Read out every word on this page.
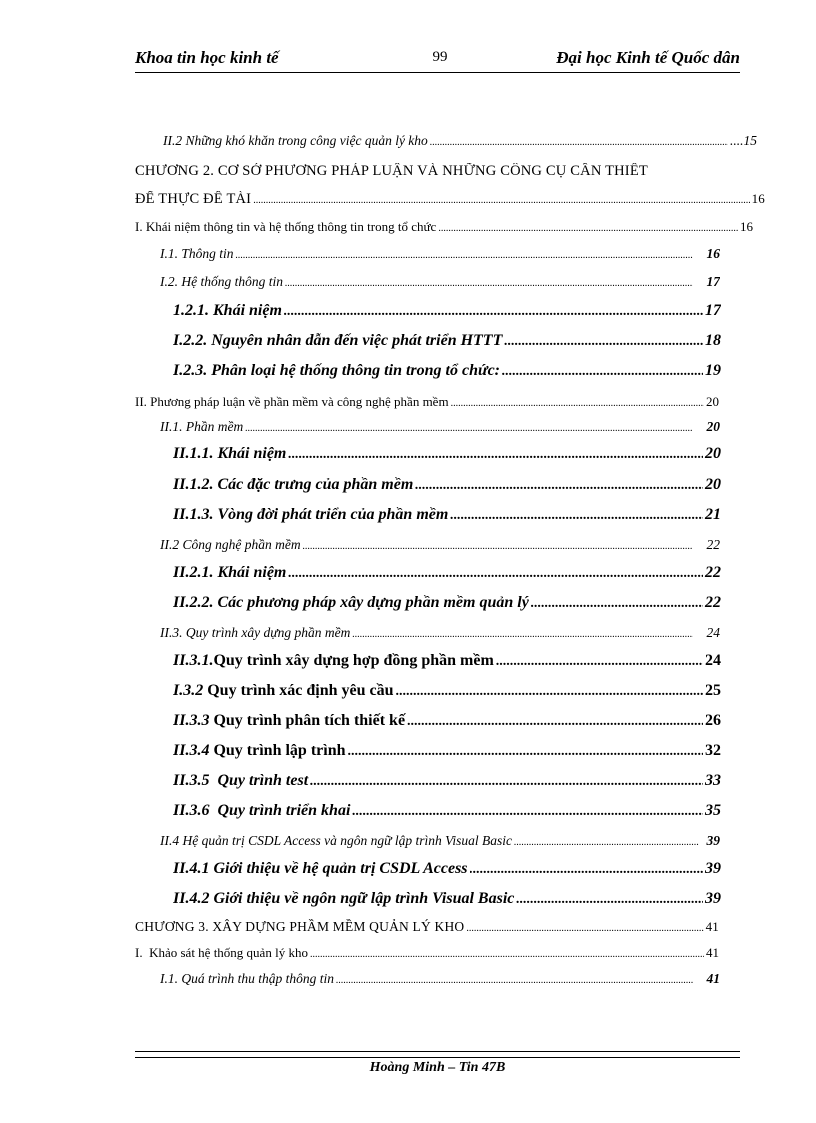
Khoa tin học kinh tế	99	Đại học Kinh tế Quốc dân
II.2 Những khó khăn trong công việc quản lý kho .....	....15
CHƯƠNG 2. CƠ SỞ PHƯƠNG PHÁP LUẬN VÀ NHỮNG CÔNG CỤ CẦN THIẾT
ĐỂ THỰC ĐỀ TÀI .....	16
I. Khái niệm thông tin và hệ thống thông tin trong tổ chức .....	16
I.1. Thông tin .....	16
I.2. Hệ thống thông tin .....	17
1.2.1. Khái niệm .....	17
I.2.2. Nguyên nhân dẫn đến việc phát triển HTTT .....	18
I.2.3. Phân loại hệ thống thông tin trong tổ chức: .....	19
II. Phương pháp luận về phần mềm và công nghệ phần mềm .....	20
II.1. Phần mềm .....	20
II.1.1. Khái niệm .....	20
II.1.2. Các đặc trưng của phần mềm .....	20
II.1.3. Vòng đời phát triển của phần mềm .....	21
II.2 Công nghệ phần mềm .....	22
II.2.1. Khái niệm .....	22
II.2.2. Các phương pháp xây dựng phần mềm quản lý .....	22
II.3. Quy trình xây dựng phần mềm .....	24
II.3.1.Quy trình xây dựng hợp đồng phần mềm .....	24
I.3.2 Quy trình xác định yêu cầu .....	25
II.3.3 Quy trình phân tích thiết kế .....	26
II.3.4 Quy trình lập trình .....	32
II.3.5  Quy trình test .....	33
II.3.6  Quy trình triển khai .....	35
II.4 Hệ quản trị CSDL Access và ngôn ngữ lập trình Visual Basic .....	39
II.4.1 Giới thiệu về hệ quản trị CSDL Access .....	39
II.4.2 Giới thiệu về ngôn ngữ lập trình Visual Basic .....	39
CHƯƠNG 3. XÂY DỰNG PHẦM MỀM QUẢN LÝ KHO .....	41
I.  Khảo sát hệ thống quản lý kho .....	41
I.1. Quá trình thu thập thông tin .....	41
Hoàng Minh – Tin 47B
